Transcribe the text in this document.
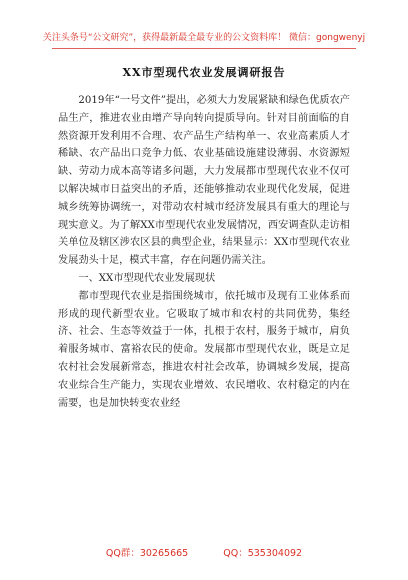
关注头条号“公文研究”，获得最新最全最专业的公文资料库！ 微信：gongwenyj
XX市型现代农业发展调研报告

2019年“一号文件”提出，必须大力发展紧缺和绿色优质农产品生产，推进农业由增产导向转向提质导向。针对目前面临的自然资源开发利用不合理、农产品生产结构单一、农业高素质人才稀缺、农产品出口竞争力低、农业基础设施建设薄弱、水资源短缺、劳动力成本高等诸多问题，大力发展都市型现代农业不仅可以解决城市日益突出的矛盾，还能够推动农业现代化发展，促进城乡统筹协调统一，对带动农村城市经济发展具有重大的理论与现实意义。为了解XX市型现代农业发展情况，西安调查队走访相关单位及辖区涉农区县的典型企业，结果显示：XX市型现代农业发展劲头十足，模式丰富，存在问题仍需关注。

一、XX市型现代农业发展现状

都市型现代农业是指围绕城市，依托城市及现有工业体系而形成的现代新型农业。它吸取了城市和农村的共同优势，集经济、社会、生态等效益于一体，扎根于农村，服务于城市，肩负着服务城市、富裕农民的使命。发展都市型现代农业，既是立足农村社会发展新常态，推进农村社会改革，协调城乡发展，提高农业综合生产能力，实现农业增效、农民增收、农村稳定的内在需要，也是加快转变农业经

QQ群：30265665	QQ：535304092
